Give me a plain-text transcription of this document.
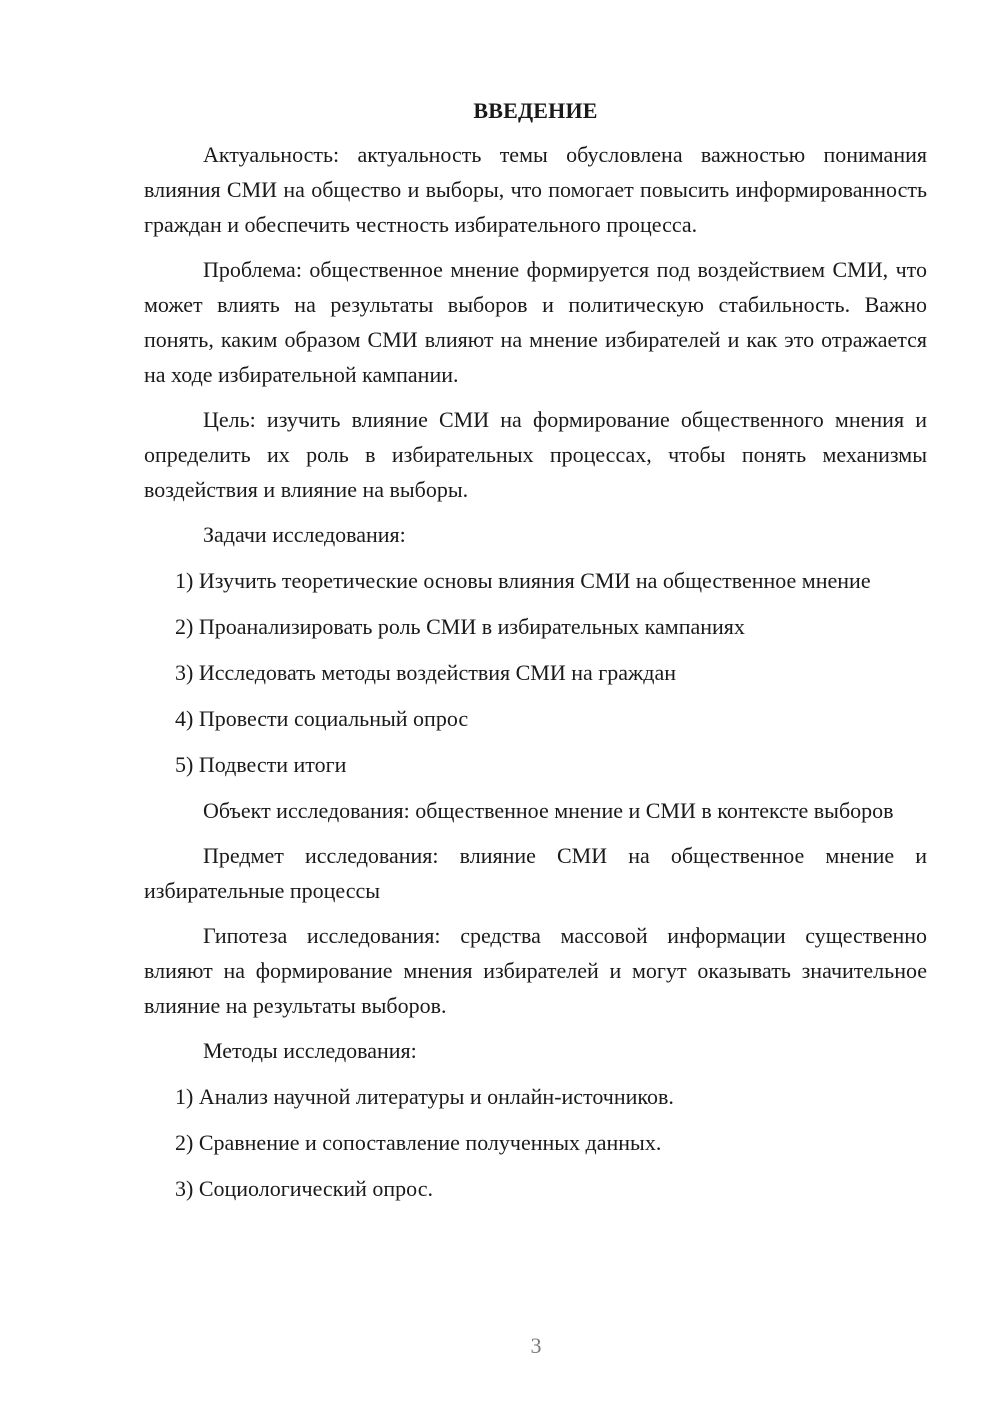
ВВЕДЕНИЕ

Актуальность: актуальность темы обусловлена важностью понимания влияния СМИ на общество и выборы, что помогает повысить информированность граждан и обеспечить честность избирательного процесса.

Проблема: общественное мнение формируется под воздействием СМИ, что может влиять на результаты выборов и политическую стабильность. Важно понять, каким образом СМИ влияют на мнение избирателей и как это отражается на ходе избирательной кампании.

Цель: изучить влияние СМИ на формирование общественного мнения и определить их роль в избирательных процессах, чтобы понять механизмы воздействия и влияние на выборы.

Задачи исследования:

1) Изучить теоретические основы влияния СМИ на общественное мнение
2) Проанализировать роль СМИ в избирательных кампаниях
3) Исследовать методы воздействия СМИ на граждан
4) Провести социальный опрос
5) Подвести итоги

Объект исследования: общественное мнение и СМИ в контексте выборов

Предмет исследования: влияние СМИ на общественное мнение и избирательные процессы

Гипотеза исследования: средства массовой информации существенно влияют на формирование мнения избирателей и могут оказывать значительное влияние на результаты выборов.

Методы исследования:

1) Анализ научной литературы и онлайн-источников.
2) Сравнение и сопоставление полученных данных.
3) Социологический опрос.
3
